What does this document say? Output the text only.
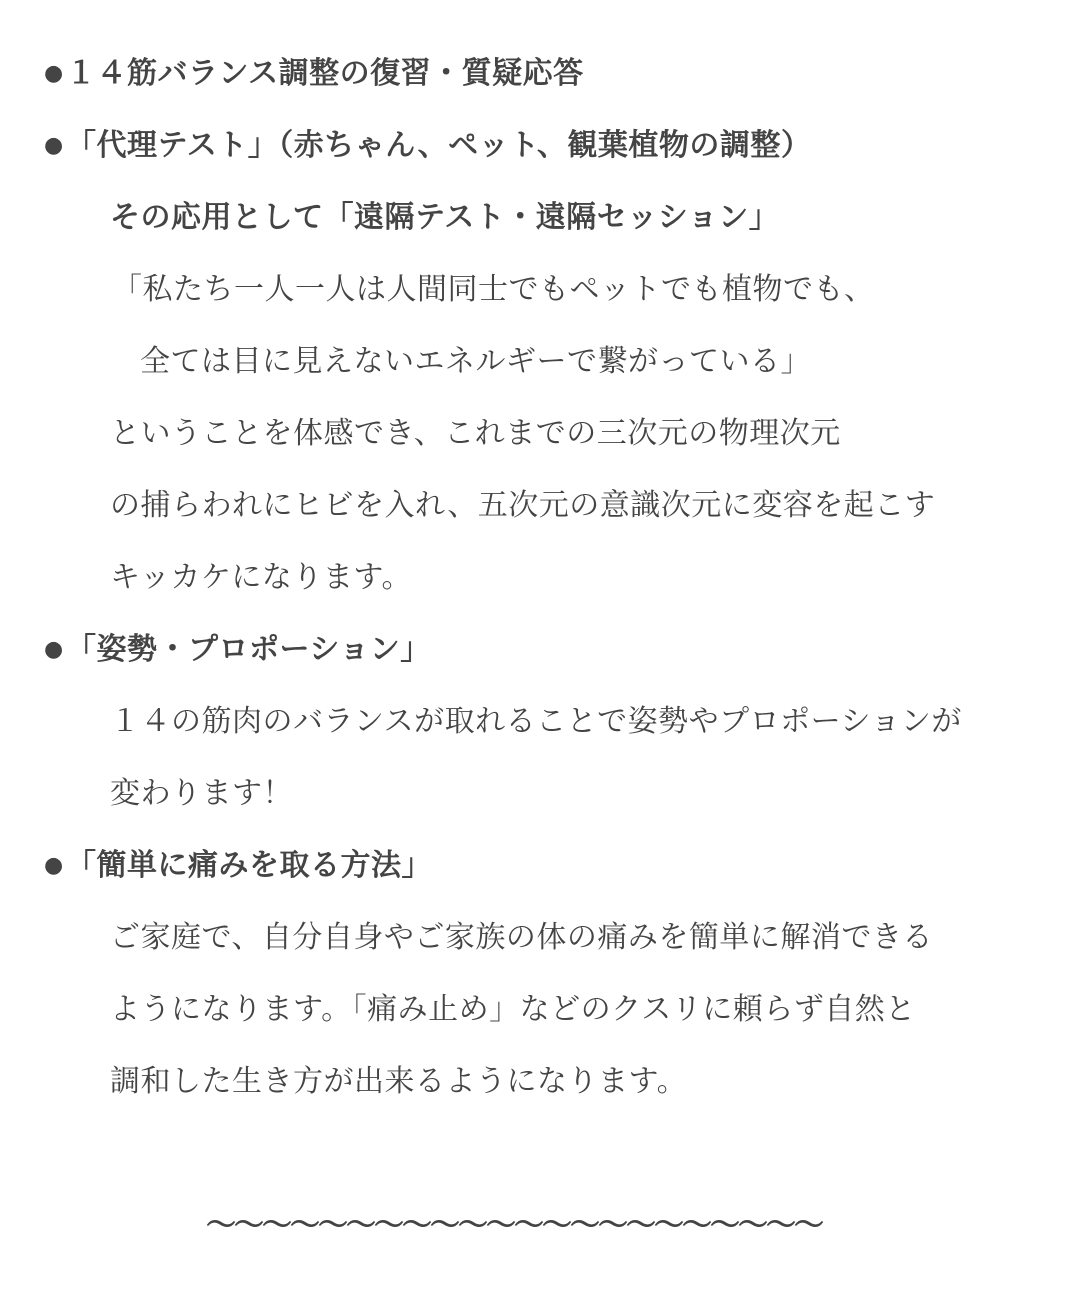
●１４筋バランス調整の復習・質疑応答
●「代理テスト」（赤ちゃん、ペット、観葉植物の調整）
その応用として「遠隔テスト・遠隔セッション」
「私たち一人一人は人間同士でもペットでも植物でも、
全ては目に見えないエネルギーで繋がっている」
ということを体感でき、これまでの三次元の物理次元
の捕らわれにヒビを入れ、五次元の意識次元に変容を起こす
キッカケになります。
●「姿勢・プロポーション」
１４の筋肉のバランスが取れることで姿勢やプロポーションが
変わります！
●「簡単に痛みを取る方法」
ご家庭で、自分自身やご家族の体の痛みを簡単に解消できる
ようになります。「痛み止め」などのクスリに頼らず自然と
調和した生き方が出来るようになります。
〜〜〜〜〜〜〜〜〜〜〜〜〜〜〜〜〜〜〜〜〜〜
